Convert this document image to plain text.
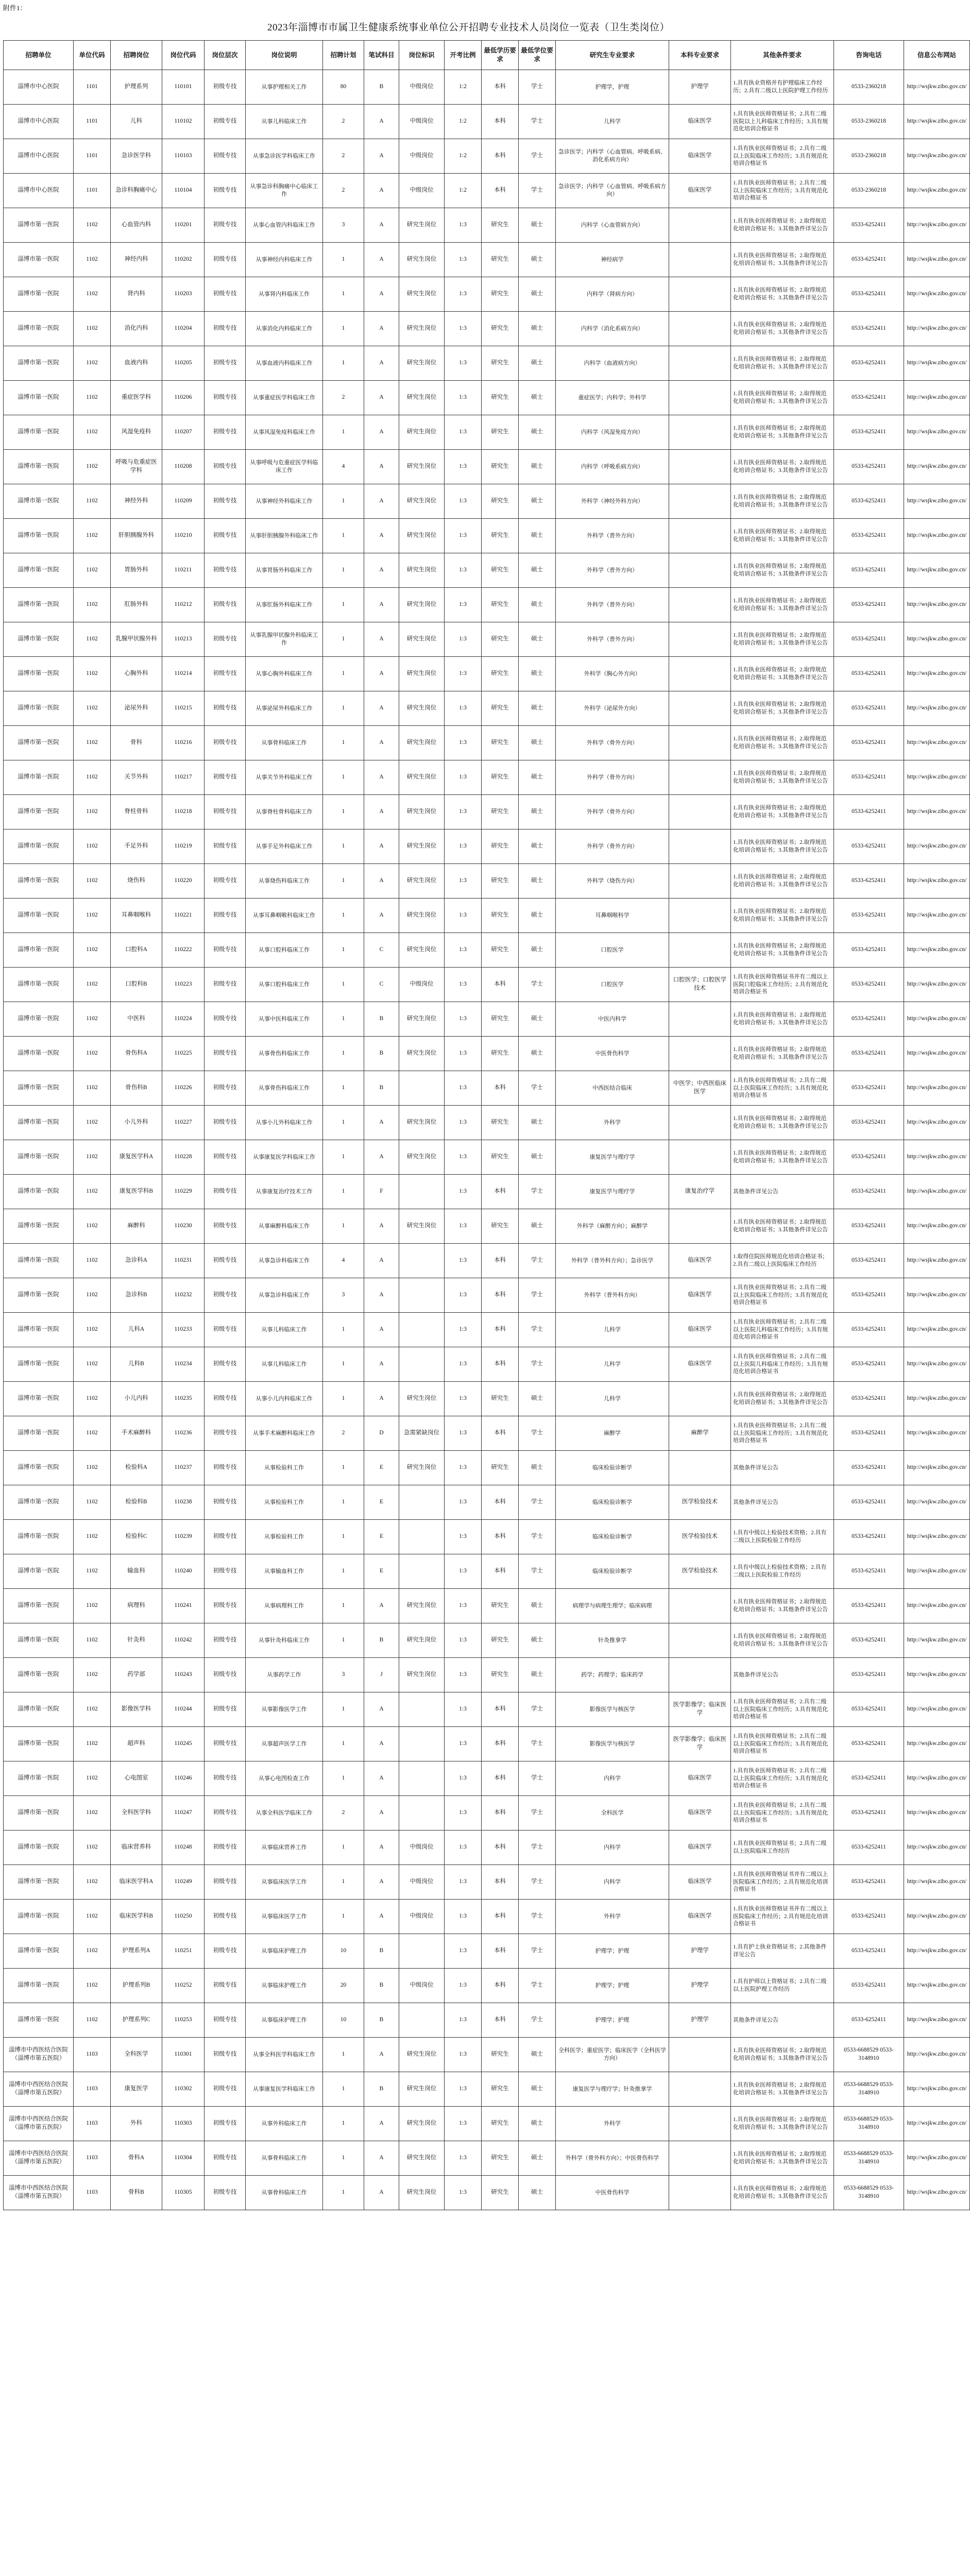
附件1：
2023年淄博市市属卫生健康系统事业单位公开招聘专业技术人员岗位一览表（卫生类岗位）
招聘单位	单位代码	招聘岗位	岗位代码	岗位层次	岗位说明	招聘计划	笔试科目	岗位标识	开考比例	最低学历要求	最低学位要求	研究生专业要求	本科专业要求	其他条件要求	咨询电话	信息公布网站
淄博市中心医院	1101	护理系列	110101	初级专技	从事护理相关工作	80	B	中级岗位	1:2	本科	学士	护理学，护理	护理学	1.具有执业资格并有护理临床工作经历；2.具有二级以上医院护理工作经历	0533-2360218	http://wsjkw.zibo.gov.cn/
淄博市中心医院	1101	儿科	110102	初级专技	从事儿科临床工作	2	A	中级岗位	1:2	本科	学士	儿科学	临床医学	1.具有执业医师资格证书；2.具有二级医院以上儿科临床工作经历；3.具有规范化培训合格证书	0533-2360218	http://wsjkw.zibo.gov.cn/
淄博市中心医院	1101	急诊医学科	110103	初级专技	从事急诊医学科临床工作	2	A	中级岗位	1:2	本科	学士	急诊医学；内科学（心血管病、呼吸系病、消化系病方向）	临床医学	1.具有执业医师资格证书；2.具有二级以上医院临床工作经历；3.具有规范化培训合格证书	0533-2360218	http://wsjkw.zibo.gov.cn/
淄博市中心医院	1101	急诊科胸痛中心	110104	初级专技	从事急诊科胸痛中心临床工作	2	A	中级岗位	1:2	本科	学士	急诊医学；内科学（心血管病、呼吸系病方向）	临床医学	1.具有执业医师资格证书；2.具有二级以上医院临床工作经历；3.具有规范化培训合格证书	0533-2360218	http://wsjkw.zibo.gov.cn/
淄博市第一医院	1102	心血管内科	110201	初级专技	从事心血管内科临床工作	3	A	研究生岗位	1:3	研究生	硕士	内科学（心血管病方向）		1.具有执业医师资格证书；2.取得规范化培训合格证书；3.其他条件详见公告	0533-6252411	http://wsjkw.zibo.gov.cn/
淄博市第一医院	1102	神经内科	110202	初级专技	从事神经内科临床工作	1	A	研究生岗位	1:3	研究生	硕士	神经病学		1.具有执业医师资格证书；2.取得规范化培训合格证书；3.其他条件详见公告	0533-6252411	http://wsjkw.zibo.gov.cn/
淄博市第一医院	1102	肾内科	110203	初级专技	从事肾内科临床工作	1	A	研究生岗位	1:3	研究生	硕士	内科学（肾病方向）		1.具有执业医师资格证书；2.取得规范化培训合格证书；3.其他条件详见公告	0533-6252411	http://wsjkw.zibo.gov.cn/
淄博市第一医院	1102	消化内科	110204	初级专技	从事消化内科临床工作	1	A	研究生岗位	1:3	研究生	硕士	内科学（消化系病方向）		1.具有执业医师资格证书；2.取得规范化培训合格证书；3.其他条件详见公告	0533-6252411	http://wsjkw.zibo.gov.cn/
淄博市第一医院	1102	血液内科	110205	初级专技	从事血液内科临床工作	1	A	研究生岗位	1:3	研究生	硕士	内科学（血液病方向）		1.具有执业医师资格证书；2.取得规范化培训合格证书；3.其他条件详见公告	0533-6252411	http://wsjkw.zibo.gov.cn/
淄博市第一医院	1102	重症医学科	110206	初级专技	从事重症医学科临床工作	2	A	研究生岗位	1:3	研究生	硕士	重症医学；内科学；外科学		1.具有执业医师资格证书；2.取得规范化培训合格证书；3.其他条件详见公告	0533-6252411	http://wsjkw.zibo.gov.cn/
淄博市第一医院	1102	风湿免疫科	110207	初级专技	从事风湿免疫科临床工作	1	A	研究生岗位	1:3	研究生	硕士	内科学（风湿免疫方向）		1.具有执业医师资格证书；2.取得规范化培训合格证书；3.其他条件详见公告	0533-6252411	http://wsjkw.zibo.gov.cn/
淄博市第一医院	1102	呼吸与危重症医学科	110208	初级专技	从事呼吸与危重症医学科临床工作	4	A	研究生岗位	1:3	研究生	硕士	内科学（呼吸系病方向）		1.具有执业医师资格证书；2.取得规范化培训合格证书；3.其他条件详见公告	0533-6252411	http://wsjkw.zibo.gov.cn/
淄博市第一医院	1102	神经外科	110209	初级专技	从事神经外科临床工作	1	A	研究生岗位	1:3	研究生	硕士	外科学（神经外科方向）		1.具有执业医师资格证书；2.取得规范化培训合格证书；3.其他条件详见公告	0533-6252411	http://wsjkw.zibo.gov.cn/
淄博市第一医院	1102	肝胆胰腺外科	110210	初级专技	从事肝胆胰腺外科临床工作	1	A	研究生岗位	1:3	研究生	硕士	外科学（普外方向）		1.具有执业医师资格证书；2.取得规范化培训合格证书；3.其他条件详见公告	0533-6252411	http://wsjkw.zibo.gov.cn/
淄博市第一医院	1102	胃肠外科	110211	初级专技	从事胃肠外科临床工作	1	A	研究生岗位	1:3	研究生	硕士	外科学（普外方向）		1.具有执业医师资格证书；2.取得规范化培训合格证书；3.其他条件详见公告	0533-6252411	http://wsjkw.zibo.gov.cn/
淄博市第一医院	1102	肛肠外科	110212	初级专技	从事肛肠外科临床工作	1	A	研究生岗位	1:3	研究生	硕士	外科学（普外方向）		1.具有执业医师资格证书；2.取得规范化培训合格证书；3.其他条件详见公告	0533-6252411	http://wsjkw.zibo.gov.cn/
淄博市第一医院	1102	乳腺甲状腺外科	110213	初级专技	从事乳腺甲状腺外科临床工作	1	A	研究生岗位	1:3	研究生	硕士	外科学（普外方向）		1.具有执业医师资格证书；2.取得规范化培训合格证书；3.其他条件详见公告	0533-6252411	http://wsjkw.zibo.gov.cn/
淄博市第一医院	1102	心胸外科	110214	初级专技	从事心胸外科临床工作	1	A	研究生岗位	1:3	研究生	硕士	外科学（胸心外方向）		1.具有执业医师资格证书；2.取得规范化培训合格证书；3.其他条件详见公告	0533-6252411	http://wsjkw.zibo.gov.cn/
淄博市第一医院	1102	泌尿外科	110215	初级专技	从事泌尿外科临床工作	1	A	研究生岗位	1:3	研究生	硕士	外科学（泌尿外方向）		1.具有执业医师资格证书；2.取得规范化培训合格证书；3.其他条件详见公告	0533-6252411	http://wsjkw.zibo.gov.cn/
淄博市第一医院	1102	骨科	110216	初级专技	从事骨科临床工作	1	A	研究生岗位	1:3	研究生	硕士	外科学（骨外方向）		1.具有执业医师资格证书；2.取得规范化培训合格证书；3.其他条件详见公告	0533-6252411	http://wsjkw.zibo.gov.cn/
淄博市第一医院	1102	关节外科	110217	初级专技	从事关节外科临床工作	1	A	研究生岗位	1:3	研究生	硕士	外科学（骨外方向）		1.具有执业医师资格证书；2.取得规范化培训合格证书；3.其他条件详见公告	0533-6252411	http://wsjkw.zibo.gov.cn/
淄博市第一医院	1102	脊柱骨科	110218	初级专技	从事脊柱骨科临床工作	1	A	研究生岗位	1:3	研究生	硕士	外科学（骨外方向）		1.具有执业医师资格证书；2.取得规范化培训合格证书；3.其他条件详见公告	0533-6252411	http://wsjkw.zibo.gov.cn/
淄博市第一医院	1102	手足外科	110219	初级专技	从事手足外科临床工作	1	A	研究生岗位	1:3	研究生	硕士	外科学（骨外方向）		1.具有执业医师资格证书；2.取得规范化培训合格证书；3.其他条件详见公告	0533-6252411	http://wsjkw.zibo.gov.cn/
淄博市第一医院	1102	烧伤科	110220	初级专技	从事烧伤科临床工作	1	A	研究生岗位	1:3	研究生	硕士	外科学（烧伤方向）		1.具有执业医师资格证书；2.取得规范化培训合格证书；3.其他条件详见公告	0533-6252411	http://wsjkw.zibo.gov.cn/
淄博市第一医院	1102	耳鼻咽喉科	110221	初级专技	从事耳鼻咽喉科临床工作	1	A	研究生岗位	1:3	研究生	硕士	耳鼻咽喉科学		1.具有执业医师资格证书；2.取得规范化培训合格证书；3.其他条件详见公告	0533-6252411	http://wsjkw.zibo.gov.cn/
淄博市第一医院	1102	口腔科A	110222	初级专技	从事口腔科临床工作	1	C	研究生岗位	1:3	研究生	硕士	口腔医学		1.具有执业医师资格证书；2.取得规范化培训合格证书；3.其他条件详见公告	0533-6252411	http://wsjkw.zibo.gov.cn/
淄博市第一医院	1102	口腔科B	110223	初级专技	从事口腔科临床工作	1	C	中级岗位	1:3	本科	学士	口腔医学	口腔医学；口腔医学技术	1.具有执业医师资格证书并有二级以上医院口腔临床工作经历；2.具有规范化培训合格证书	0533-6252411	http://wsjkw.zibo.gov.cn/
淄博市第一医院	1102	中医科	110224	初级专技	从事中医科临床工作	1	B	研究生岗位	1:3	研究生	硕士	中医内科学		1.具有执业医师资格证书；2.取得规范化培训合格证书；3.其他条件详见公告	0533-6252411	http://wsjkw.zibo.gov.cn/
淄博市第一医院	1102	骨伤科A	110225	初级专技	从事骨伤科临床工作	1	B	研究生岗位	1:3	研究生	硕士	中医骨伤科学		1.具有执业医师资格证书；2.取得规范化培训合格证书；3.其他条件详见公告	0533-6252411	http://wsjkw.zibo.gov.cn/
淄博市第一医院	1102	骨伤科B	110226	初级专技	从事骨伤科临床工作	1	B		1:3	本科	学士	中西医结合临床	中医学；中西医临床医学	1.具有执业医师资格证书；2.具有二级以上医院临床工作经历；3.具有规范化培训合格证书	0533-6252411	http://wsjkw.zibo.gov.cn/
淄博市第一医院	1102	小儿外科	110227	初级专技	从事小儿外科临床工作	1	A	研究生岗位	1:3	研究生	硕士	外科学		1.具有执业医师资格证书；2.取得规范化培训合格证书；3.其他条件详见公告	0533-6252411	http://wsjkw.zibo.gov.cn/
淄博市第一医院	1102	康复医学科A	110228	初级专技	从事康复医学科临床工作	1	A	研究生岗位	1:3	研究生	硕士	康复医学与理疗学		1.具有执业医师资格证书；2.取得规范化培训合格证书；3.其他条件详见公告	0533-6252411	http://wsjkw.zibo.gov.cn/
淄博市第一医院	1102	康复医学科B	110229	初级专技	从事康复治疗技术工作	1	F		1:3	本科	学士	康复医学与理疗学	康复治疗学	其他条件详见公告	0533-6252411	http://wsjkw.zibo.gov.cn/
淄博市第一医院	1102	麻醉科	110230	初级专技	从事麻醉科临床工作	1	A	研究生岗位	1:3	研究生	硕士	外科学（麻醉方向）；麻醉学		1.具有执业医师资格证书；2.取得规范化培训合格证书；3.其他条件详见公告	0533-6252411	http://wsjkw.zibo.gov.cn/
淄博市第一医院	1102	急诊科A	110231	初级专技	从事急诊科临床工作	4	A		1:3	本科	学士	外科学（普外科方向）；急诊医学	临床医学	1.取得住院医师规范化培训合格证书；2.具有二级以上医院临床工作经历	0533-6252411	http://wsjkw.zibo.gov.cn/
淄博市第一医院	1102	急诊科B	110232	初级专技	从事急诊科临床工作	3	A		1:3	本科	学士	外科学（普外科方向）	临床医学	1.具有执业医师资格证书；2.具有二级以上医院临床工作经历；3.具有规范化培训合格证书	0533-6252411	http://wsjkw.zibo.gov.cn/
淄博市第一医院	1102	儿科A	110233	初级专技	从事儿科临床工作	1	A		1:3	本科	学士	儿科学	临床医学	1.具有执业医师资格证书；2.具有二级以上医院儿科临床工作经历；3.具有规范化培训合格证书	0533-6252411	http://wsjkw.zibo.gov.cn/
淄博市第一医院	1102	儿科B	110234	初级专技	从事儿科临床工作	1	A		1:3	本科	学士	儿科学	临床医学	1.具有执业医师资格证书；2.具有二级以上医院儿科临床工作经历；3.具有规范化培训合格证书	0533-6252411	http://wsjkw.zibo.gov.cn/
淄博市第一医院	1102	小儿内科	110235	初级专技	从事小儿内科临床工作	1	A	研究生岗位	1:3	研究生	硕士	儿科学		1.具有执业医师资格证书；2.取得规范化培训合格证书；3.其他条件详见公告	0533-6252411	http://wsjkw.zibo.gov.cn/
淄博市第一医院	1102	手术麻醉科	110236	初级专技	从事手术麻醉科临床工作	2	D	急需紧缺岗位	1:3	本科	学士	麻醉学	麻醉学	1.具有执业医师资格证书；2.具有二级以上医院临床工作经历；3.具有规范化培训合格证书	0533-6252411	http://wsjkw.zibo.gov.cn/
淄博市第一医院	1102	检验科A	110237	初级专技	从事检验科工作	1	E	研究生岗位	1:3	研究生	硕士	临床检验诊断学		其他条件详见公告	0533-6252411	http://wsjkw.zibo.gov.cn/
淄博市第一医院	1102	检验科B	110238	初级专技	从事检验科工作	1	E		1:3	本科	学士	临床检验诊断学	医学检验技术	其他条件详见公告	0533-6252411	http://wsjkw.zibo.gov.cn/
淄博市第一医院	1102	检验科C	110239	初级专技	从事检验科工作	1	E		1:3	本科	学士	临床检验诊断学	医学检验技术	1.具有中级以上检验技术资格；2.具有二级以上医院检验工作经历	0533-6252411	http://wsjkw.zibo.gov.cn/
淄博市第一医院	1102	输血科	110240	初级专技	从事输血科工作	1	E		1:3	本科	学士	临床检验诊断学	医学检验技术	1.具有中级以上检验技术资格；2.具有二级以上医院检验工作经历	0533-6252411	http://wsjkw.zibo.gov.cn/
淄博市第一医院	1102	病理科	110241	初级专技	从事病理科工作	1	A	研究生岗位	1:3	研究生	硕士	病理学与病理生理学；临床病理		1.具有执业医师资格证书；2.取得规范化培训合格证书；3.其他条件详见公告	0533-6252411	http://wsjkw.zibo.gov.cn/
淄博市第一医院	1102	针灸科	110242	初级专技	从事针灸科临床工作	1	B	研究生岗位	1:3	研究生	硕士	针灸推拿学		1.具有执业医师资格证书；2.取得规范化培训合格证书；3.其他条件详见公告	0533-6252411	http://wsjkw.zibo.gov.cn/
淄博市第一医院	1102	药学部	110243	初级专技	从事药学工作	3	J	研究生岗位	1:3	研究生	硕士	药学；药理学；临床药学		其他条件详见公告	0533-6252411	http://wsjkw.zibo.gov.cn/
淄博市第一医院	1102	影像医学科	110244	初级专技	从事影像医学工作	1	A		1:3	本科	学士	影像医学与核医学	医学影像学；临床医学	1.具有执业医师资格证书；2.具有二级以上医院临床工作经历；3.具有规范化培训合格证书	0533-6252411	http://wsjkw.zibo.gov.cn/
淄博市第一医院	1102	超声科	110245	初级专技	从事超声医学工作	1	A		1:3	本科	学士	影像医学与核医学	医学影像学；临床医学	1.具有执业医师资格证书；2.具有二级以上医院临床工作经历；3.具有规范化培训合格证书	0533-6252411	http://wsjkw.zibo.gov.cn/
淄博市第一医院	1102	心电图室	110246	初级专技	从事心电图检查工作	1	A		1:3	本科	学士	内科学	临床医学	1.具有执业医师资格证书；2.具有二级以上医院临床工作经历；3.具有规范化培训合格证书	0533-6252411	http://wsjkw.zibo.gov.cn/
淄博市第一医院	1102	全科医学科	110247	初级专技	从事全科医学临床工作	2	A		1:3	本科	学士	全科医学	临床医学	1.具有执业医师资格证书；2.具有二级以上医院临床工作经历；3.具有规范化培训合格证书	0533-6252411	http://wsjkw.zibo.gov.cn/
淄博市第一医院	1102	临床营养科	110248	初级专技	从事临床营养工作	1	A	中级岗位	1:3	本科	学士	内科学	临床医学	1.具有执业医师资格证书；2.具有二级以上医院临床工作经历	0533-6252411	http://wsjkw.zibo.gov.cn/
淄博市第一医院	1102	临床医学科A	110249	初级专技	从事临床医学工作	1	A	中级岗位	1:3	本科	学士	内科学	临床医学	1.具有执业医师资格证书并有二级以上医院临床工作经历；2.具有规范化培训合格证书	0533-6252411	http://wsjkw.zibo.gov.cn/
淄博市第一医院	1102	临床医学科B	110250	初级专技	从事临床医学工作	1	A	中级岗位	1:3	本科	学士	外科学	临床医学	1.具有执业医师资格证书并有二级以上医院临床工作经历；2.具有规范化培训合格证书	0533-6252411	http://wsjkw.zibo.gov.cn/
淄博市第一医院	1102	护理系列A	110251	初级专技	从事临床护理工作	10	B		1:3	本科	学士	护理学；护理	护理学	1.具有护士执业资格证书；2.其他条件详见公告	0533-6252411	http://wsjkw.zibo.gov.cn/
淄博市第一医院	1102	护理系列B	110252	初级专技	从事临床护理工作	20	B	中级岗位	1:3	本科	学士	护理学；护理	护理学	1.具有护师以上资格证书；2.具有二级以上医院护理工作经历	0533-6252411	http://wsjkw.zibo.gov.cn/
淄博市第一医院	1102	护理系列C	110253	初级专技	从事临床护理工作	10	B		1:3	本科	学士	护理学；护理	护理学	其他条件详见公告	0533-6252411	http://wsjkw.zibo.gov.cn/
淄博市中西医结合医院（淄博市第五医院）	1103	全科医学	110301	初级专技	从事全科医学科临床工作	1	A	研究生岗位	1:3	研究生	硕士	全科医学；重症医学；临床医学（全科医学方向）		1.具有执业医师资格证书；2.取得规范化培训合格证书；3.其他条件详见公告	0533-6688529 0533-3148910	http://wsjkw.zibo.gov.cn/
淄博市中西医结合医院（淄博市第五医院）	1103	康复医学	110302	初级专技	从事康复医学科临床工作	1	B	研究生岗位	1:3	研究生	硕士	康复医学与理疗学；针灸推拿学		1.具有执业医师资格证书；2.取得规范化培训合格证书；3.其他条件详见公告	0533-6688529 0533-3148910	http://wsjkw.zibo.gov.cn/
淄博市中西医结合医院（淄博市第五医院）	1103	外科	110303	初级专技	从事外科临床工作	1	A	研究生岗位	1:3	研究生	硕士	外科学		1.具有执业医师资格证书；2.取得规范化培训合格证书；3.其他条件详见公告	0533-6688529 0533-3148910	http://wsjkw.zibo.gov.cn/
淄博市中西医结合医院（淄博市第五医院）	1103	骨科A	110304	初级专技	从事骨科临床工作	1	A	研究生岗位	1:3	研究生	硕士	外科学（骨外科方向）；中医骨伤科学		1.具有执业医师资格证书；2.取得规范化培训合格证书；3.其他条件详见公告	0533-6688529 0533-3148910	http://wsjkw.zibo.gov.cn/
淄博市中西医结合医院（淄博市第五医院）	1103	骨科B	110305	初级专技	从事骨科临床工作	1	A	研究生岗位	1:3	研究生	硕士	中医骨伤科学		1.具有执业医师资格证书；2.取得规范化培训合格证书；3.其他条件详见公告	0533-6688529 0533-3148910	http://wsjkw.zibo.gov.cn/
